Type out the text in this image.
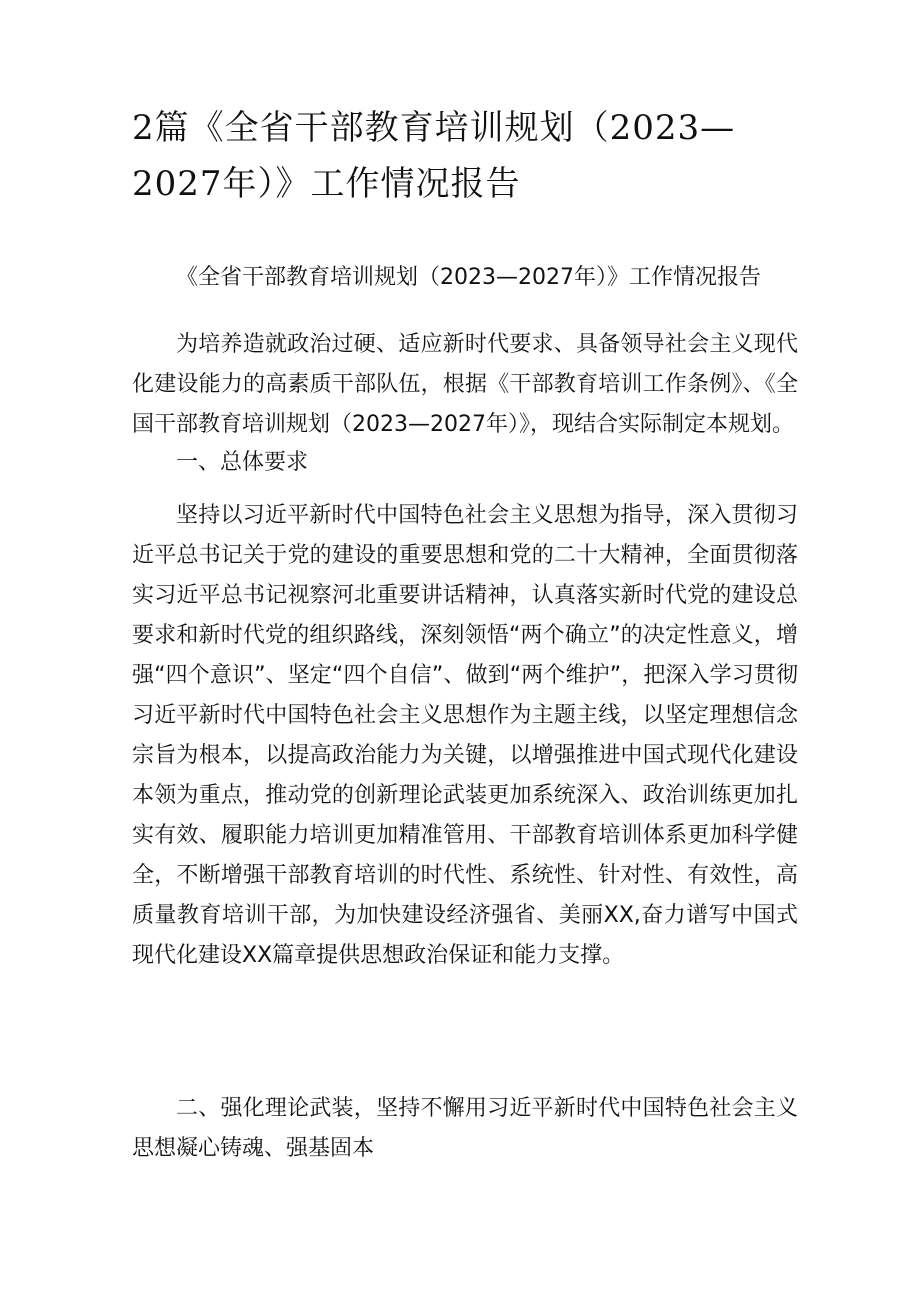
2篇《全省干部教育培训规划（2023—2027年）》工作情况报告

《全省干部教育培训规划（2023—2027年）》工作情况报告

为培养造就政治过硬、适应新时代要求、具备领导社会主义现代化建设能力的高素质干部队伍，根据《干部教育培训工作条例》、《全国干部教育培训规划（2023—2027年）》，现结合实际制定本规划。

一、总体要求

坚持以习近平新时代中国特色社会主义思想为指导，深入贯彻习近平总书记关于党的建设的重要思想和党的二十大精神，全面贯彻落实习近平总书记视察河北重要讲话精神，认真落实新时代党的建设总要求和新时代党的组织路线，深刻领悟“两个确立”的决定性意义，增强“四个意识”、坚定“四个自信”、做到“两个维护”，把深入学习贯彻习近平新时代中国特色社会主义思想作为主题主线，以坚定理想信念宗旨为根本，以提高政治能力为关键，以增强推进中国式现代化建设本领为重点，推动党的创新理论武装更加系统深入、政治训练更加扎实有效、履职能力培训更加精准管用、干部教育培训体系更加科学健全，不断增强干部教育培训的时代性、系统性、针对性、有效性，高质量教育培训干部，为加快建设经济强省、美丽XX,奋力谱写中国式现代化建设XX篇章提供思想政治保证和能力支撑。

二、强化理论武装，坚持不懈用习近平新时代中国特色社会主义思想凝心铸魂、强基固本
